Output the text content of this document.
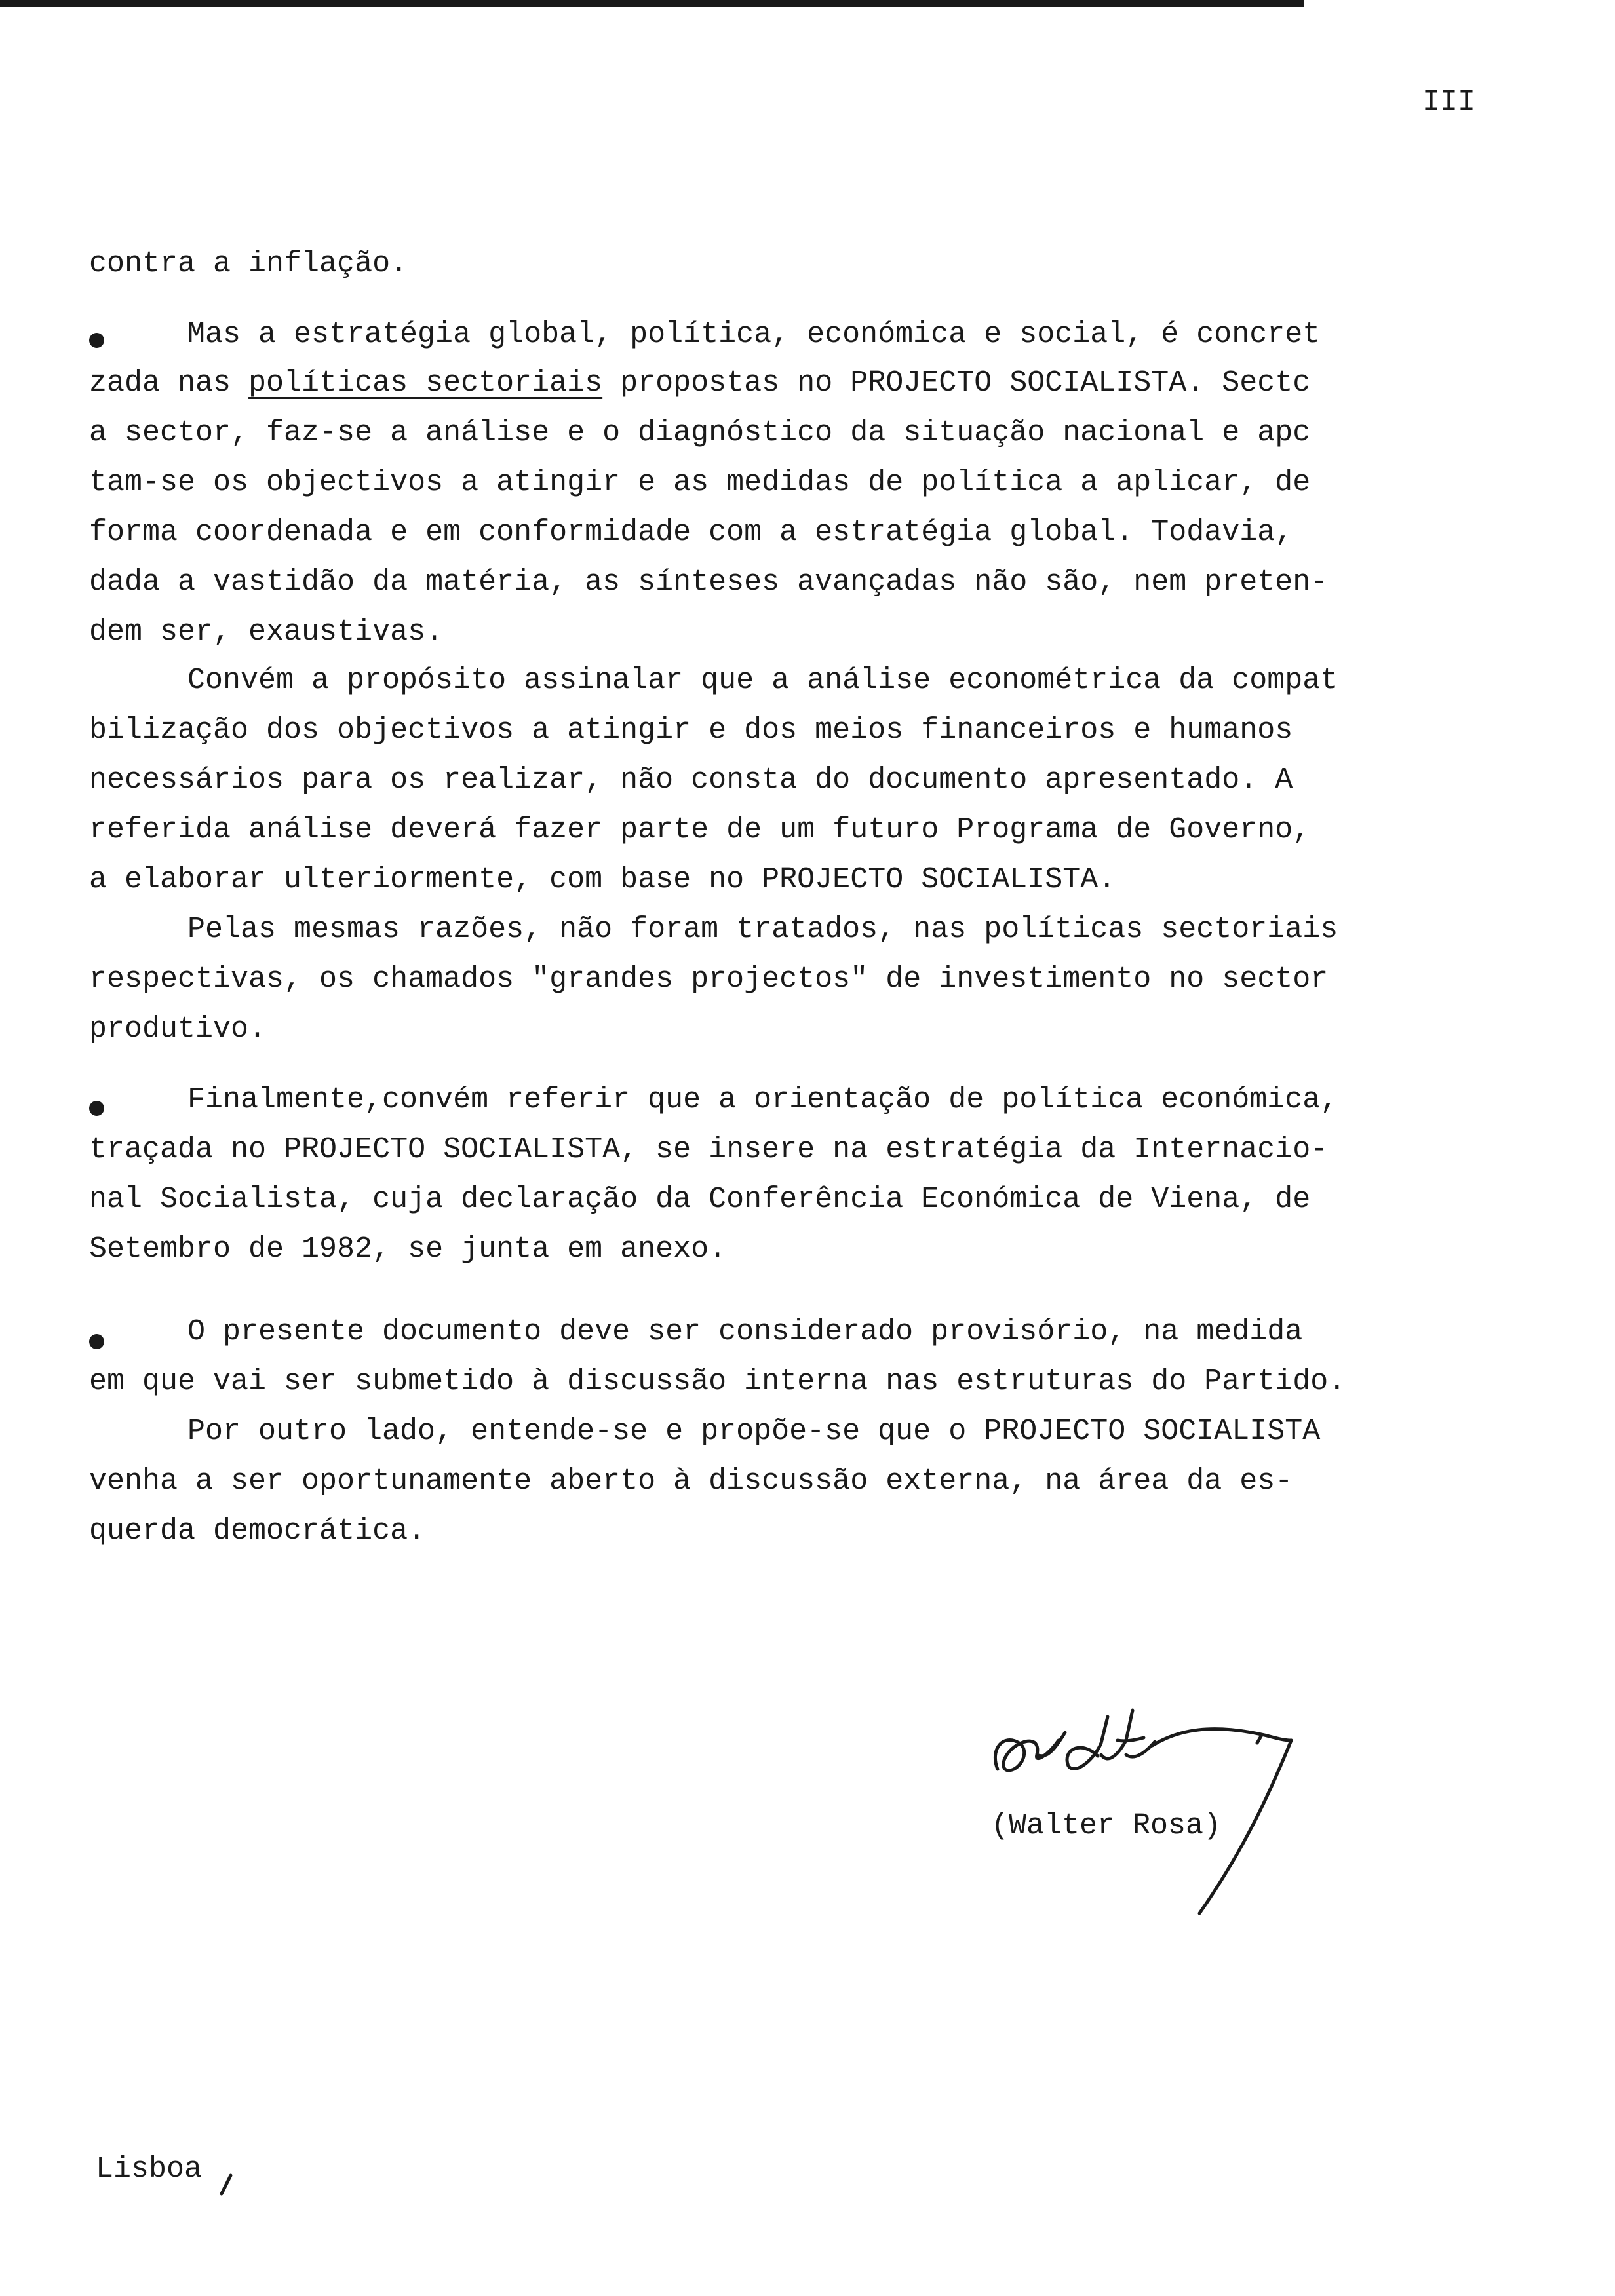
III
contra a inflação.
Mas a estratégia global, política, económica e social, é concret
zada nas políticas sectoriais propostas no PROJECTO SOCIALISTA. Sectc
a sector, faz-se a análise e o diagnóstico da situação nacional e apc
tam-se os objectivos a atingir e as medidas de política a aplicar, de
forma coordenada e em conformidade com a estratégia global. Todavia,
dada a vastidão da matéria, as sínteses avançadas não são, nem preten-
dem ser, exaustivas.
Convém a propósito assinalar que a análise econométrica da compat
bilização dos objectivos a atingir e dos meios financeiros e humanos
necessários para os realizar, não consta do documento apresentado. A
referida análise deverá fazer parte de um futuro Programa de Governo,
a elaborar ulteriormente, com base no PROJECTO SOCIALISTA.
Pelas mesmas razões, não foram tratados, nas políticas sectoriais
respectivas, os chamados "grandes projectos" de investimento no sector
produtivo.
Finalmente,convém referir que a orientação de política económica,
traçada no PROJECTO SOCIALISTA, se insere na estratégia da Internacio-
nal Socialista, cuja declaração da Conferência Económica de Viena, de
Setembro de 1982, se junta em anexo.
O presente documento deve ser considerado provisório, na medida
em que vai ser submetido à discussão interna nas estruturas do Partido.
Por outro lado, entende-se e propõe-se que o PROJECTO SOCIALISTA
venha a ser oportunamente aberto à discussão externa, na área da es-
querda democrática.
(Walter Rosa)
Lisboa
